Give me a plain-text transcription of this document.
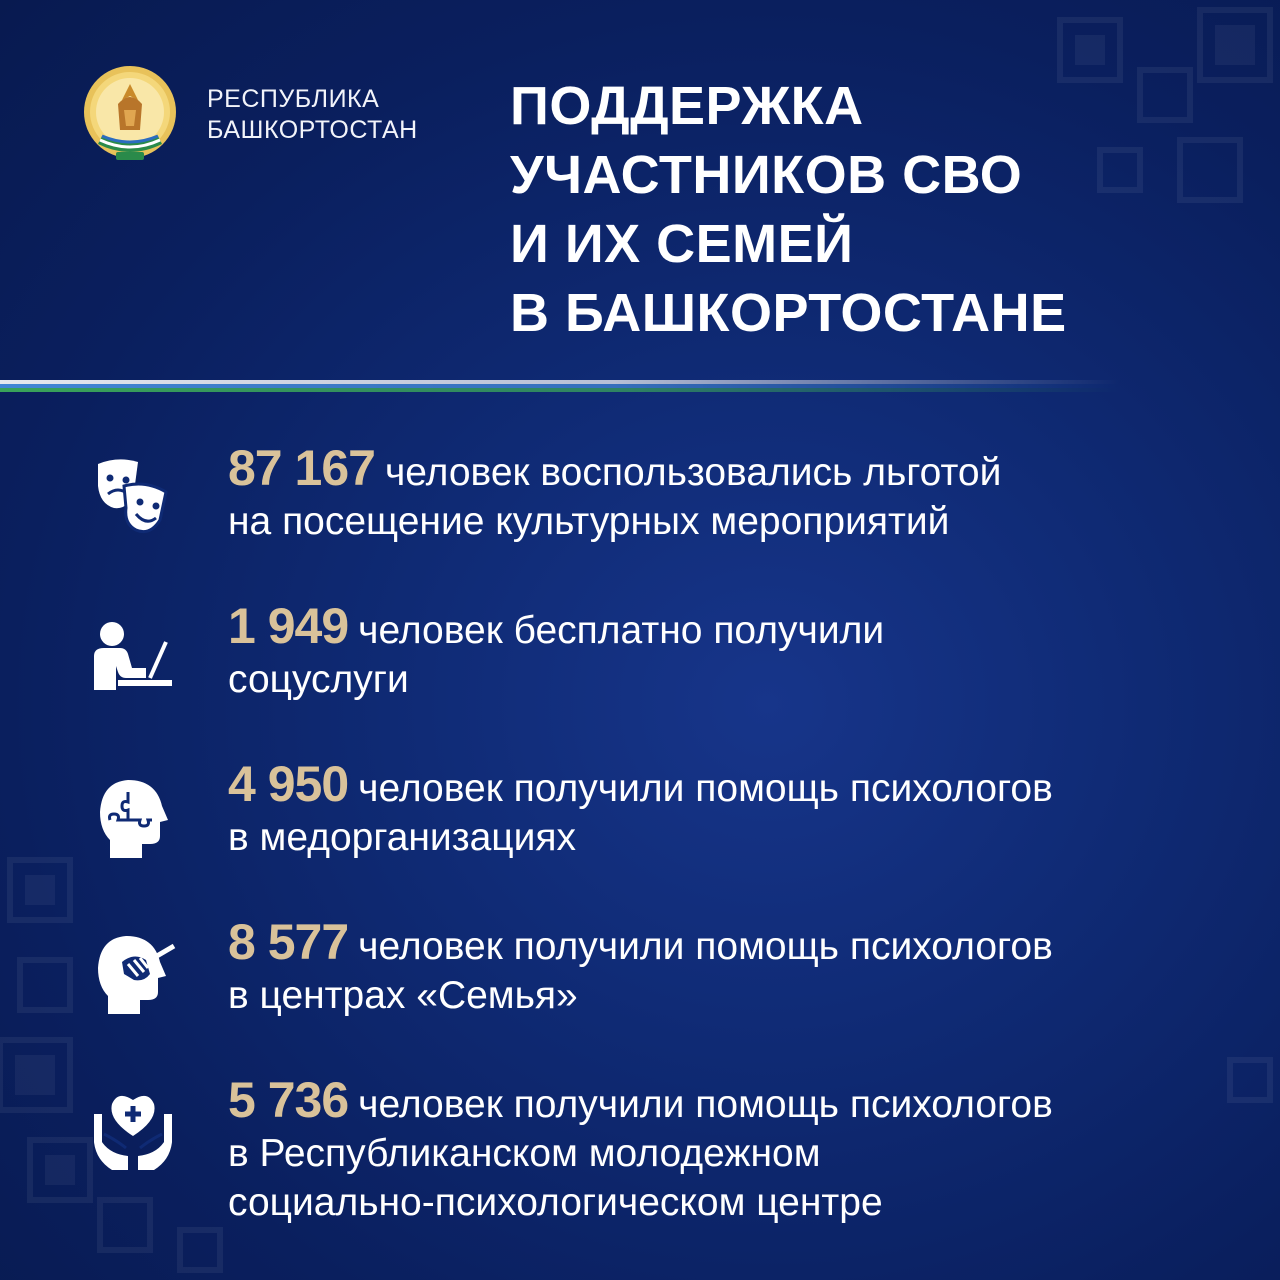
РЕСПУБЛИКА
БАШКОРТОСТАН ПОДДЕРЖКА
УЧАСТНИКОВ СВО
И ИХ СЕМЕЙ
В БАШКОРТОСТАНЕ
87 167 человек воспользовались льготой
на посещение культурных мероприятий
1 949 человек бесплатно получили
соцуслуги
4 950 человек получили помощь психологов
в медорганизациях
8 577 человек получили помощь психологов
в центрах «Семья»
5 736 человек получили помощь психологов
в Республиканском молодежном
социально-психологическом центре
